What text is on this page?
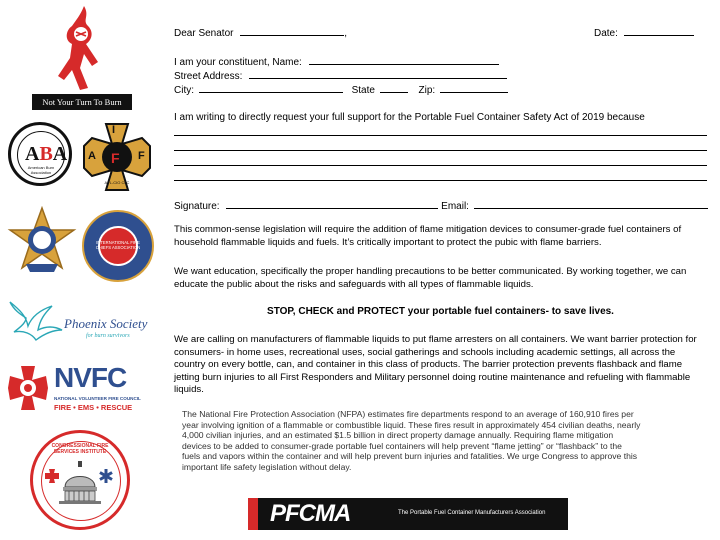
Not Your Turn To Burn
ABA
American Burn Association
I
A F F
AFL-CIO CLC
INTERNATIONAL FIRE CHIEFS ASSOCIATION
Phoenix Society
for burn survivors
NVFC
NATIONAL VOLUNTEER FIRE COUNCIL
FIRE • EMS • RESCUE
CONGRESSIONAL FIRE SERVICES INSTITUTE
Dear Senator	,	Date:
I am your constituent, Name:
Street Address:
City:	State	Zip:
I am writing to directly request your full support for the Portable Fuel Container Safety Act of 2019 because
Signature:	Email:
This common-sense legislation will require the addition of flame mitigation devices to consumer-grade fuel containers of household flammable liquids and fuels. It’s critically important to protect the pubic with flame barriers.
We want education, specifically the proper handling precautions to be better communicated. By working together, we can educate the public about the risks and safeguards with all types of flammable liquids.
STOP, CHECK and PROTECT your portable fuel containers- to save lives.
We are calling on manufacturers of flammable liquids to put flame arresters on all containers. We want barrier protection for consumers- in home uses, recreational uses, social gatherings and schools including academic settings, all across the country on every bottle, can, and container in this class of products. The barrier protection prevents flashback and flame jetting burn injuries to all First Responders and Military personnel doing routine maintenance and refueling with flammable liquids.
The National Fire Protection Association (NFPA) estimates fire departments respond to an average of 160,910 fires per year involving ignition of a flammable or combustible liquid. These fires result in approximately 454 civilian deaths, nearly 4,000 civilian injuries, and an estimated $1.5 billion in direct property damage annually. Requiring flame mitigation devices to be added to consumer-grade portable fuel containers will help prevent “flame jetting” or “flashback” to the fuels and vapors within the container and will help prevent burn injuries and fatalities. We urge Congress to approve this important life safety legislation without delay.
PFCMA	The Portable Fuel Container Manufacturers Association
